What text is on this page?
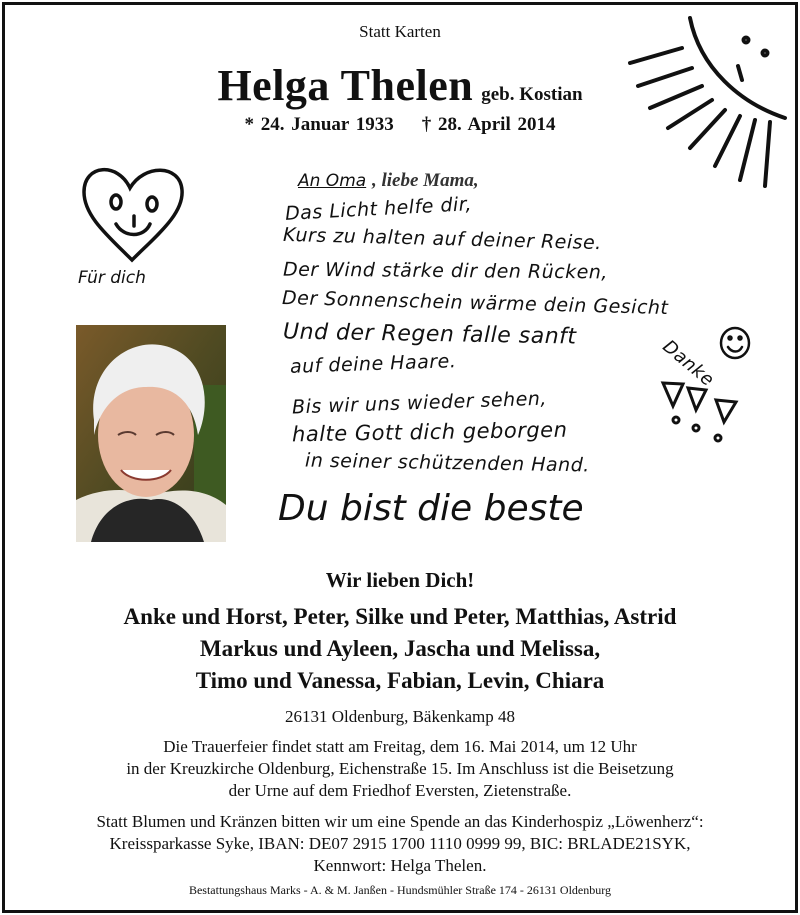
Statt Karten
Helga Thelen geb. Kostian
* 24. Januar 1933 † 28. April 2014
Für dich
An Oma , liebe Mama,
Das Licht helfe dir,
Kurs zu halten auf deiner Reise.
Der Wind stärke dir den Rücken,
Der Sonnenschein wärme dein Gesicht
Und der Regen falle sanft
auf deine Haare.
Bis wir uns wieder sehen,
halte Gott dich geborgen
in seiner schützenden Hand.
Danke
Du bist die beste
Wir lieben Dich!
Anke und Horst, Peter, Silke und Peter, Matthias, Astrid
Markus und Ayleen, Jascha und Melissa,
Timo und Vanessa, Fabian, Levin, Chiara
26131 Oldenburg, Bäkenkamp 48
Die Trauerfeier findet statt am Freitag, dem 16. Mai 2014, um 12 Uhr
in der Kreuzkirche Oldenburg, Eichenstraße 15. Im Anschluss ist die Beisetzung
der Urne auf dem Friedhof Eversten, Zietenstraße.
Statt Blumen und Kränzen bitten wir um eine Spende an das Kinderhospiz „Löwenherz“:
Kreissparkasse Syke, IBAN: DE07 2915 1700 1110 0999 99, BIC: BRLADE21SYK,
Kennwort: Helga Thelen.
Bestattungshaus Marks - A. & M. Janßen - Hundsmühler Straße 174 - 26131 Oldenburg
